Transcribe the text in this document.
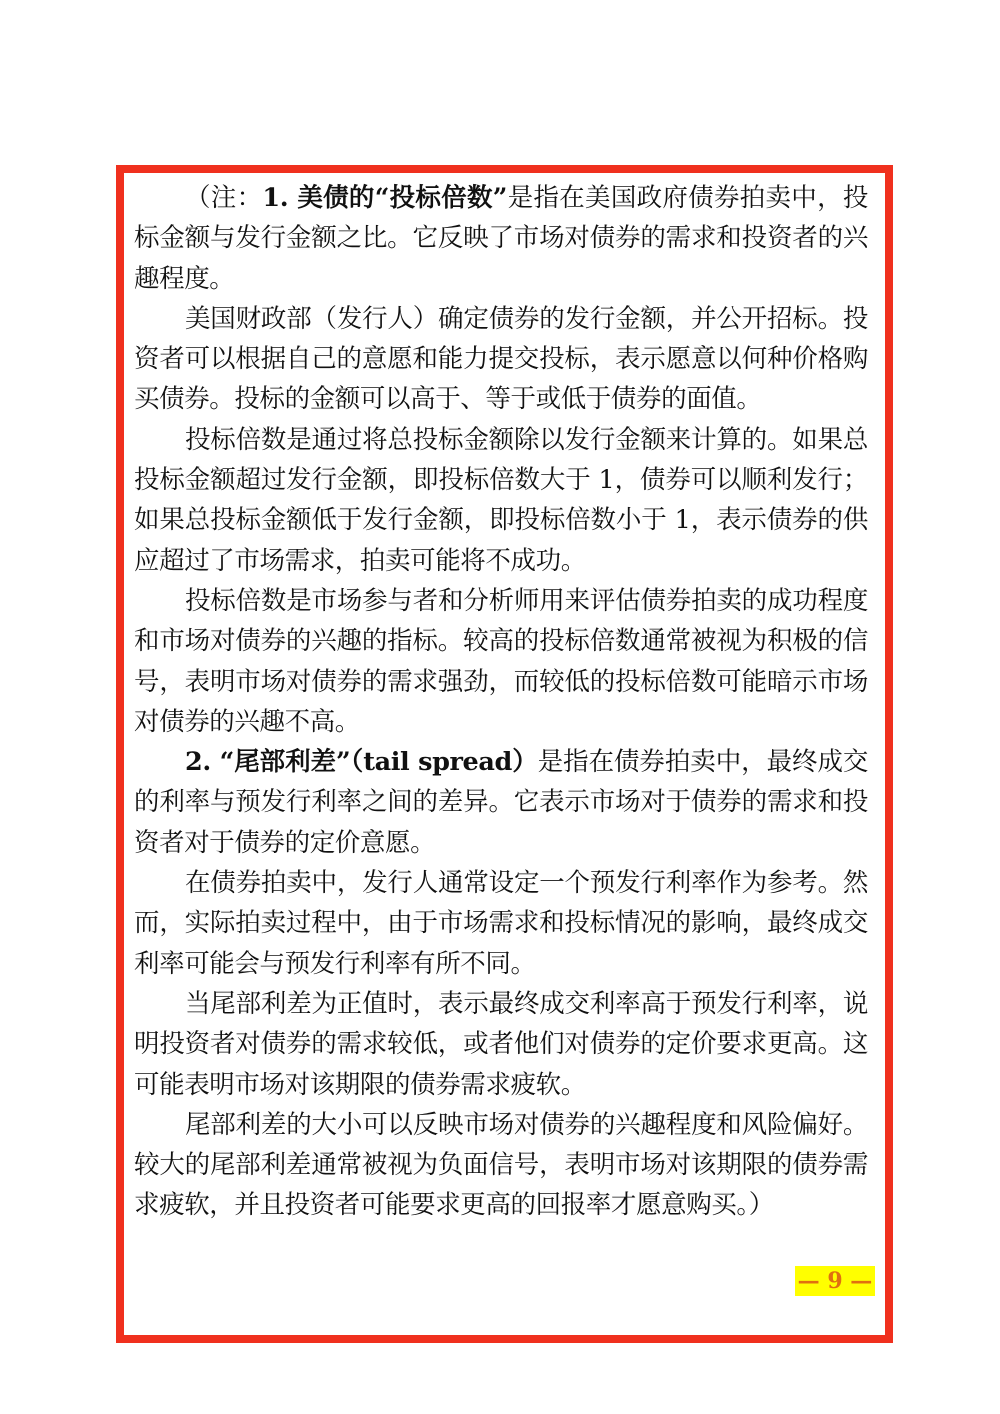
（注：1. 美债的“投标倍数”是指在美国政府债券拍卖中，投标金额与发行金额之比。它反映了市场对债券的需求和投资者的兴趣程度。

美国财政部（发行人）确定债券的发行金额，并公开招标。投资者可以根据自己的意愿和能力提交投标，表示愿意以何种价格购买债券。投标的金额可以高于、等于或低于债券的面值。

投标倍数是通过将总投标金额除以发行金额来计算的。如果总投标金额超过发行金额，即投标倍数大于 1，债券可以顺利发行；如果总投标金额低于发行金额，即投标倍数小于 1，表示债券的供应超过了市场需求，拍卖可能将不成功。

投标倍数是市场参与者和分析师用来评估债券拍卖的成功程度和市场对债券的兴趣的指标。较高的投标倍数通常被视为积极的信号，表明市场对债券的需求强劲，而较低的投标倍数可能暗示市场对债券的兴趣不高。

2. “尾部利差”（tail spread）是指在债券拍卖中，最终成交的利率与预发行利率之间的差异。它表示市场对于债券的需求和投资者对于债券的定价意愿。

在债券拍卖中，发行人通常设定一个预发行利率作为参考。然而，实际拍卖过程中，由于市场需求和投标情况的影响，最终成交利率可能会与预发行利率有所不同。

当尾部利差为正值时，表示最终成交利率高于预发行利率，说明投资者对债券的需求较低，或者他们对债券的定价要求更高。这可能表明市场对该期限的债券需求疲软。

尾部利差的大小可以反映市场对债券的兴趣程度和风险偏好。较大的尾部利差通常被视为负面信号，表明市场对该期限的债券需求疲软，并且投资者可能要求更高的回报率才愿意购买。）

— 9 —
